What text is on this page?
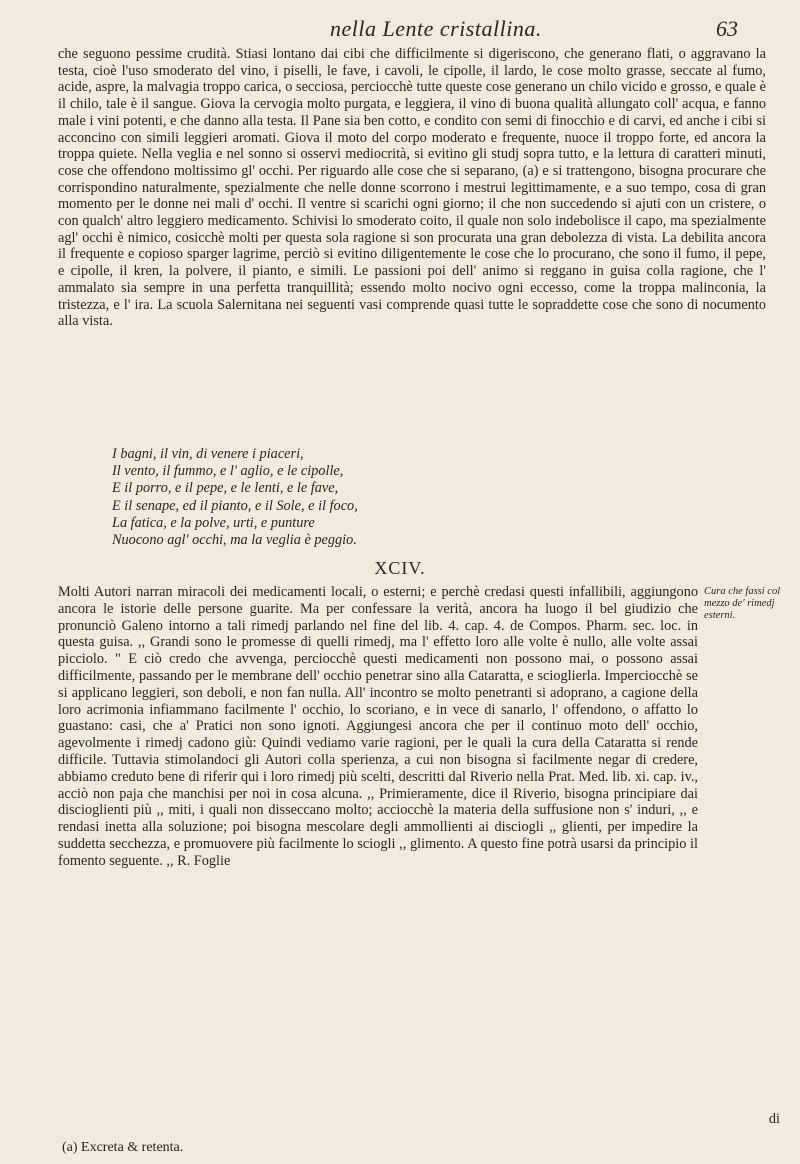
nella Lente cristallina.	63

che seguono pessime crudità. Stiasi lontano dai cibi che difficilmente si digeriscono, che generano flati, o aggravano la testa, cioè l'uso smoderato del vino, i piselli, le fave, i cavoli, le cipolle, il lardo, le cose molto grasse, seccate al fumo, acide, aspre, la malvagia troppo carica, o secciosa, perciocchè tutte queste cose generano un chilo vicido e grosso, e quale è il chilo, tale è il sangue. Giova la cervogia molto purgata, e leggiera, il vino di buona qualità allungato coll' acqua, e fanno male i vini potenti, e che danno alla testa. Il Pane sia ben cotto, e condito con semi di finocchio e di carvi, ed anche i cibi si acconcino con simili leggieri aromati. Giova il moto del corpo moderato e frequente, nuoce il troppo forte, ed ancora la troppa quiete. Nella veglia e nel sonno si osservi mediocrità, si evitino gli studj sopra tutto, e la lettura di caratteri minuti, cose che offendono moltissimo gl' occhi. Per riguardo alle cose che si separano, (a) e si trattengono, bisogna procurare che corrispondino naturalmente, spezialmente che nelle donne scorrono i mestrui legittimamente, e a suo tempo, cosa di gran momento per le donne nei mali d' occhi. Il ventre si scarichi ogni giorno; il che non succedendo si ajuti con un cristere, o con qualch' altro leggiero medicamento. Schivisi lo smoderato coito, il quale non solo indebolisce il capo, ma spezialmente agl' occhi è nimico, cosicchè molti per questa sola ragione si son procurata una gran debolezza di vista. La debilita ancora il frequente e copioso sparger lagrime, perciò si evitino diligentemente le cose che lo procurano, che sono il fumo, il pepe, e cipolle, il kren, la polvere, il pianto, e simili. Le passioni poi dell' animo si reggano in guisa colla ragione, che l' ammalato sia sempre in una perfetta tranquillità; essendo molto nocivo ogni eccesso, come la troppa malinconia, la tristezza, e l' ira. La scuola Salernitana nei seguenti vasi comprende quasi tutte le sopraddette cose che sono di nocumento alla vista.

I bagni, il vin, di venere i piaceri,
Il vento, il fummo, e l' aglio, e le cipolle,
E il porro, e il pepe, e le lenti, e le fave,
E il senape, ed il pianto, e il Sole, e il foco,
La fatica, e la polve, urti, e punture
Nuocono agl' occhi, ma la veglia è peggio.
XCIV.

Molti Autori narran miracoli dei medicamenti locali, o esterni; e perchè credasi questi infallibili, aggiungono ancora le istorie delle persone guarite. Ma per confessare la verità, ancora ha luogo il bel giudizio che pronunciò Galeno intorno a tali rimedj parlando nel fine del lib. 4. cap. 4. de Compos. Pharm. sec. loc. in questa guisa. ,, Grandi sono le promesse di quelli rimedj, ma l' effetto loro alle volte è nullo, alle volte assai picciolo. " E ciò credo che avvenga, perciocchè questi medicamenti non possono mai, o possono assai difficilmente, passando per le membrane dell' occhio penetrar sino alla Cataratta, e scioglierla. Imperciocchè se si applicano leggieri, son deboli, e non fan nulla. All' incontro se molto penetranti si adoprano, a cagione della loro acrimonia infiammano facilmente l' occhio, lo scoriano, e in vece di sanarlo, l' offendono, o affatto lo guastano: casi, che a' Pratici non sono ignoti. Aggiungesi ancora che per il continuo moto dell' occhio, agevolmente i rimedj cadono giù: Quindi vediamo varie ragioni, per le quali la cura della Cataratta si rende difficile. Tuttavia stimolandoci gli Autori colla sperienza, a cui non bisogna sì facilmente negar di credere, abbiamo creduto bene di riferir qui i loro rimedj più scelti, descritti dal Riverio nella Prat. Med. lib. xi. cap. iv., acciò non paja che manchisi per noi in cosa alcuna. ,, Primieramente, dice il Riverio, bisogna principiare dai discioglienti più ,, miti, i quali non disseccano molto; acciocchè la materia della suffusione non s' induri, ,, e rendasi inetta alla soluzione; poi bisogna mescolare degli ammollienti ai disciogli ,, glienti, per impedire la suddetta secchezza, e promuovere più facilmente lo sciogli ,, glimento. A questo fine potrà usarsi da principio il fomento seguente. ,, R. Foglie

Cura che fassi col mezzo de' rimedj esterni.
di
(a) Excreta & retenta.
